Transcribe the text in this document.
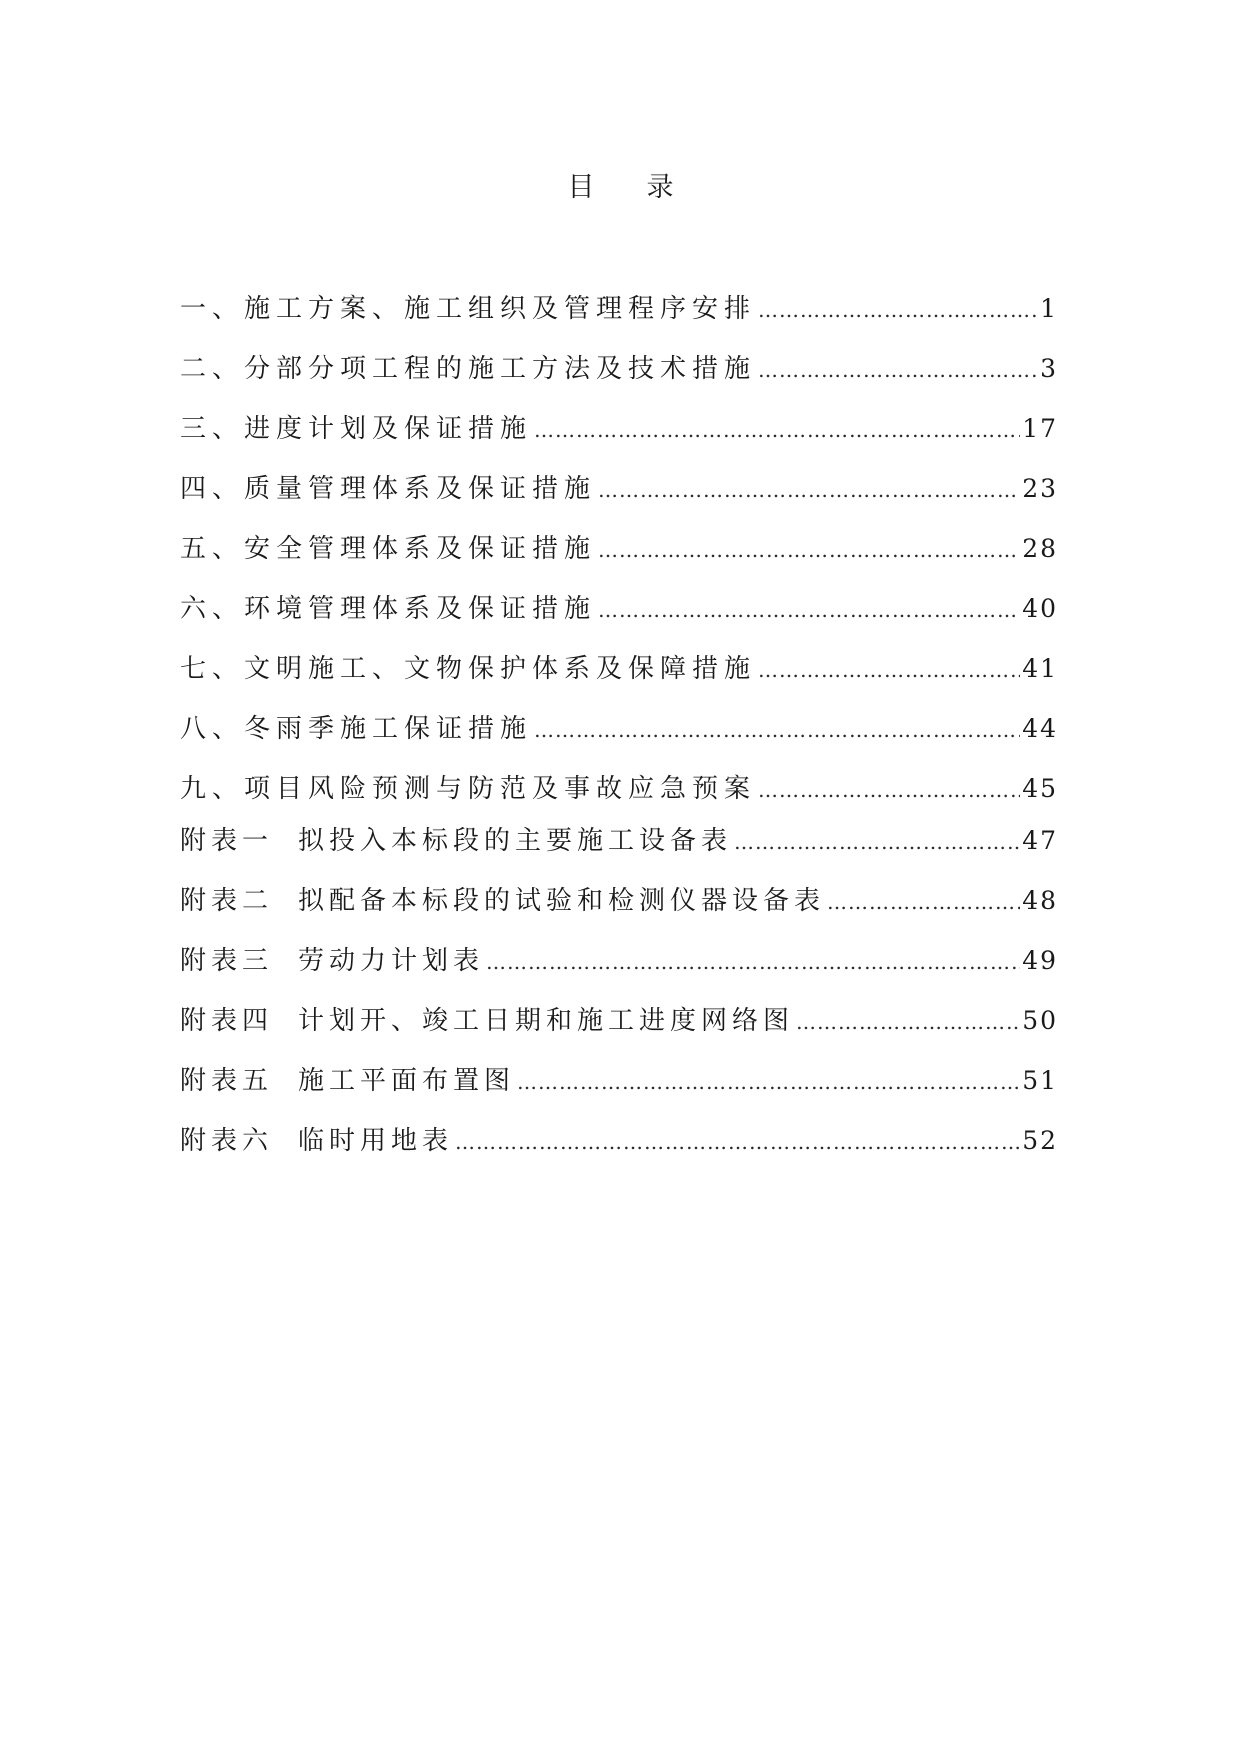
目 录
一、 施工方案、施工组织及管理程序安排 …………………………………………………………………………………………………………………………………………………………………………	1
二、 分部分项工程的施工方法及技术措施 …………………………………………………………………………………………………………………………………………………………………………	3
三、 进度计划及保证措施 …………………………………………………………………………………………………………………………………………………………………………	17
四、 质量管理体系及保证措施 …………………………………………………………………………………………………………………………………………………………………………	23
五、 安全管理体系及保证措施 …………………………………………………………………………………………………………………………………………………………………………	28
六、 环境管理体系及保证措施 …………………………………………………………………………………………………………………………………………………………………………	40
七、 文明施工、文物保护体系及保障措施 …………………………………………………………………………………………………………………………………………………………………………	41
八、 冬雨季施工保证措施 …………………………………………………………………………………………………………………………………………………………………………	44
九、 项目风险预测与防范及事故应急预案 …………………………………………………………………………………………………………………………………………………………………………	45
附表一 拟投入本标段的主要施工设备表 …………………………………………………………………………………………………………………………………………………………………………	47
附表二 拟配备本标段的试验和检测仪器设备表 …………………………………………………………………………………………………………………………………………………………………………	48
附表三 劳动力计划表 …………………………………………………………………………………………………………………………………………………………………………	49
附表四 计划开、竣工日期和施工进度网络图 …………………………………………………………………………………………………………………………………………………………………………	50
附表五 施工平面布置图 …………………………………………………………………………………………………………………………………………………………………………	51
附表六 临时用地表 …………………………………………………………………………………………………………………………………………………………………………	52
